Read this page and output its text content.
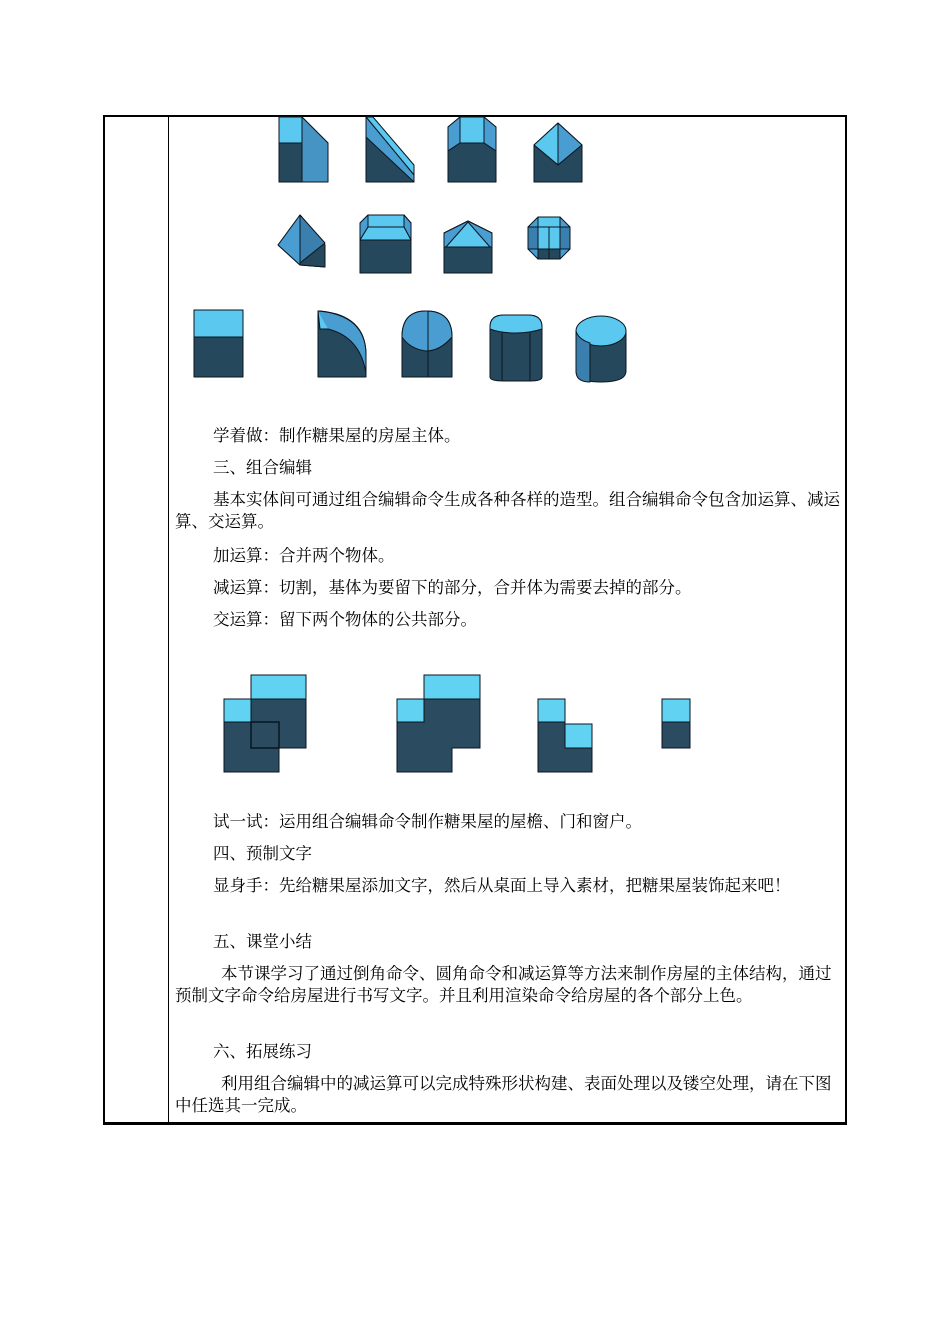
学着做：制作糖果屋的房屋主体。

三、组合编辑

基本实体间可通过组合编辑命令生成各种各样的造型。组合编辑命令包含加运算、减运算、交运算。

加运算：合并两个物体。

减运算：切割，基体为要留下的部分，合并体为需要去掉的部分。

交运算：留下两个物体的公共部分。

试一试：运用组合编辑命令制作糖果屋的屋檐、门和窗户。

四、预制文字

显身手：先给糖果屋添加文字，然后从桌面上导入素材，把糖果屋装饰起来吧！

五、课堂小结

本节课学习了通过倒角命令、圆角命令和减运算等方法来制作房屋的主体结构，通过预制文字命令给房屋进行书写文字。并且利用渲染命令给房屋的各个部分上色。

六、拓展练习

利用组合编辑中的减运算可以完成特殊形状构建、表面处理以及镂空处理，请在下图中任选其一完成。
